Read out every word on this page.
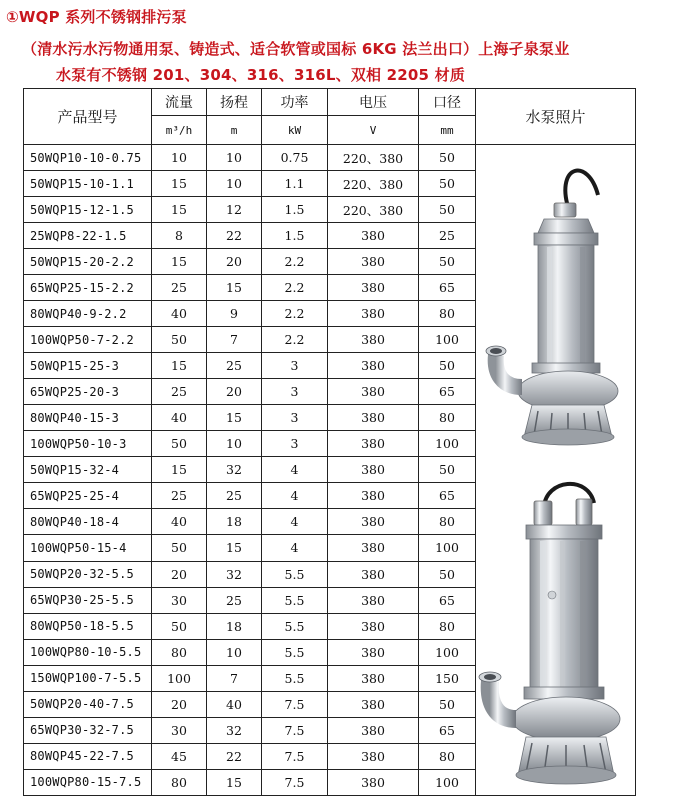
①WQP 系列不锈钢排污泵
（清水污水污物通用泵、铸造式、适合软管或国标 6KG 法兰出口）上海孑泉泵业
水泵有不锈钢 201、304、316、316L、双相 2205 材质
产品型号	流量	扬程	功率	电压	口径	水泵照片
	m³/h	m	kW	V	mm	
50WQP10-10-0.75	10	10	0.75	220、380	50	

50WQP15-10-1.1	15	10	1.1	220、380	50	
50WQP15-12-1.5	15	12	1.5	220、380	50	
25WQP8-22-1.5	8	22	1.5	380	25	
50WQP15-20-2.2	15	20	2.2	380	50	
65WQP25-15-2.2	25	15	2.2	380	65	
80WQP40-9-2.2	40	9	2.2	380	80	
100WQP50-7-2.2	50	7	2.2	380	100	
50WQP15-25-3	15	25	3	380	50	
65WQP25-20-3	25	20	3	380	65	
80WQP40-15-3	40	15	3	380	80	
100WQP50-10-3	50	10	3	380	100	
50WQP15-32-4	15	32	4	380	50	
65WQP25-25-4	25	25	4	380	65	
80WQP40-18-4	40	18	4	380	80	
100WQP50-15-4	50	15	4	380	100	
50WQP20-32-5.5	20	32	5.5	380	50	
65WQP30-25-5.5	30	25	5.5	380	65	
80WQP50-18-5.5	50	18	5.5	380	80	
100WQP80-10-5.5	80	10	5.5	380	100	
150WQP100-7-5.5	100	7	5.5	380	150	
50WQP20-40-7.5	20	40	7.5	380	50	
65WQP30-32-7.5	30	32	7.5	380	65	
80WQP45-22-7.5	45	22	7.5	380	80	
100WQP80-15-7.5	80	15	7.5	380	100	
